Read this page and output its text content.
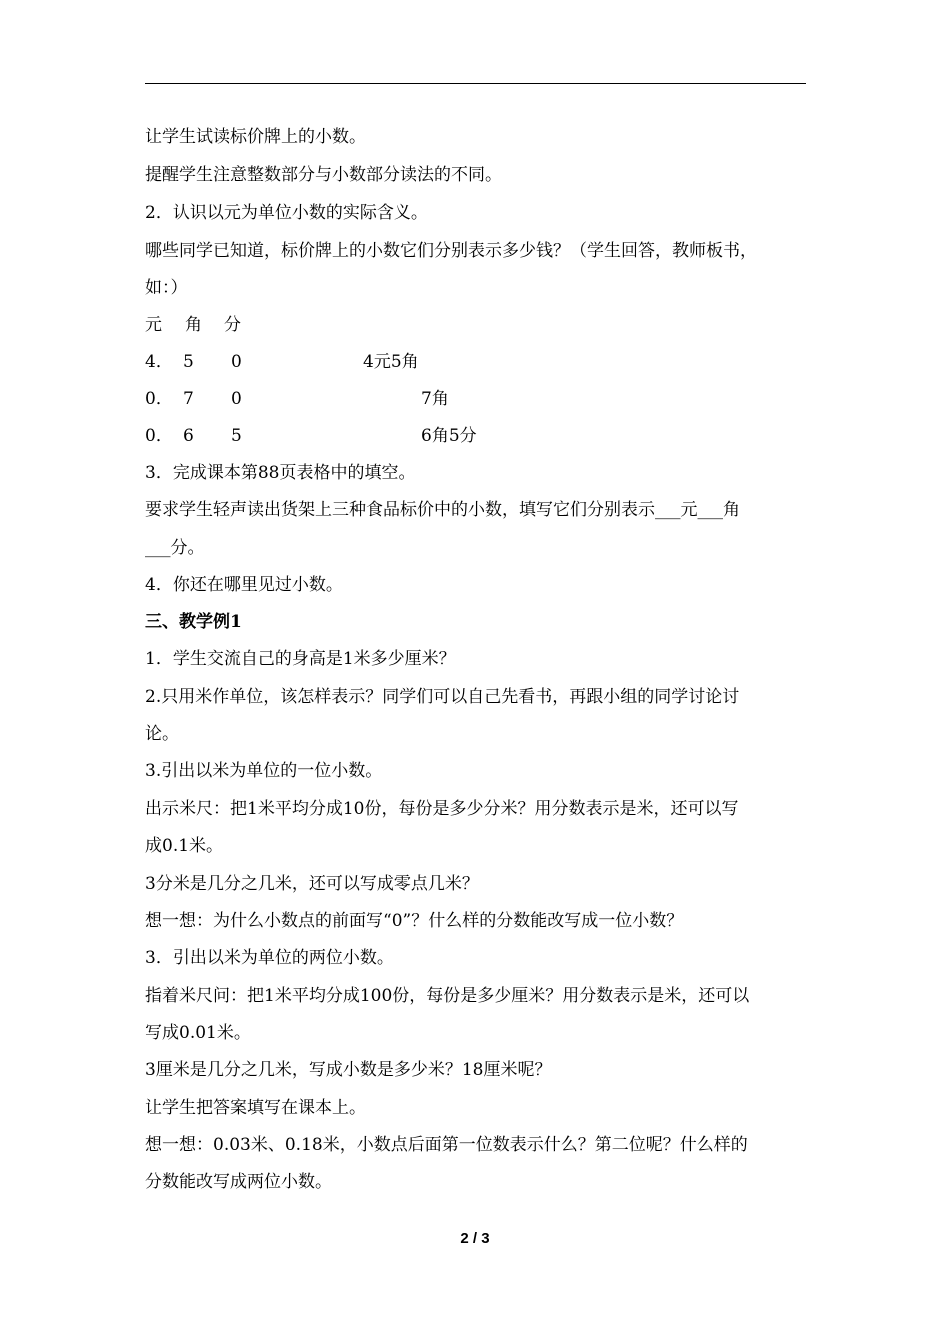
让学生试读标价牌上的小数。
提醒学生注意整数部分与小数部分读法的不同。
2．认识以元为单位小数的实际含义。
哪些同学已知道，标价牌上的小数它们分别表示多少钱？（学生回答，教师板书，
如：）
元 角 分
4． 5 0	4元5角
0． 7 0	7角
0． 6 5	6角5分
3．完成课本第88页表格中的填空。
要求学生轻声读出货架上三种食品标价中的小数，填写它们分别表示___元___角
___分。
4．你还在哪里见过小数。
三、教学例1
1．学生交流自己的身高是1米多少厘米？
2.只用米作单位，该怎样表示？同学们可以自己先看书，再跟小组的同学讨论讨
论。
3.引出以米为单位的一位小数。
出示米尺：把1米平均分成10份，每份是多少分米？用分数表示是米，还可以写
成0.1米。
3分米是几分之几米，还可以写成零点几米？
想一想：为什么小数点的前面写“0”？什么样的分数能改写成一位小数？
3．引出以米为单位的两位小数。
指着米尺问：把1米平均分成100份，每份是多少厘米？用分数表示是米，还可以
写成0.01米。
3厘米是几分之几米，写成小数是多少米？18厘米呢？
让学生把答案填写在课本上。
想一想：0.03米、0.18米，小数点后面第一位数表示什么？第二位呢？什么样的
分数能改写成两位小数。
2 / 3
